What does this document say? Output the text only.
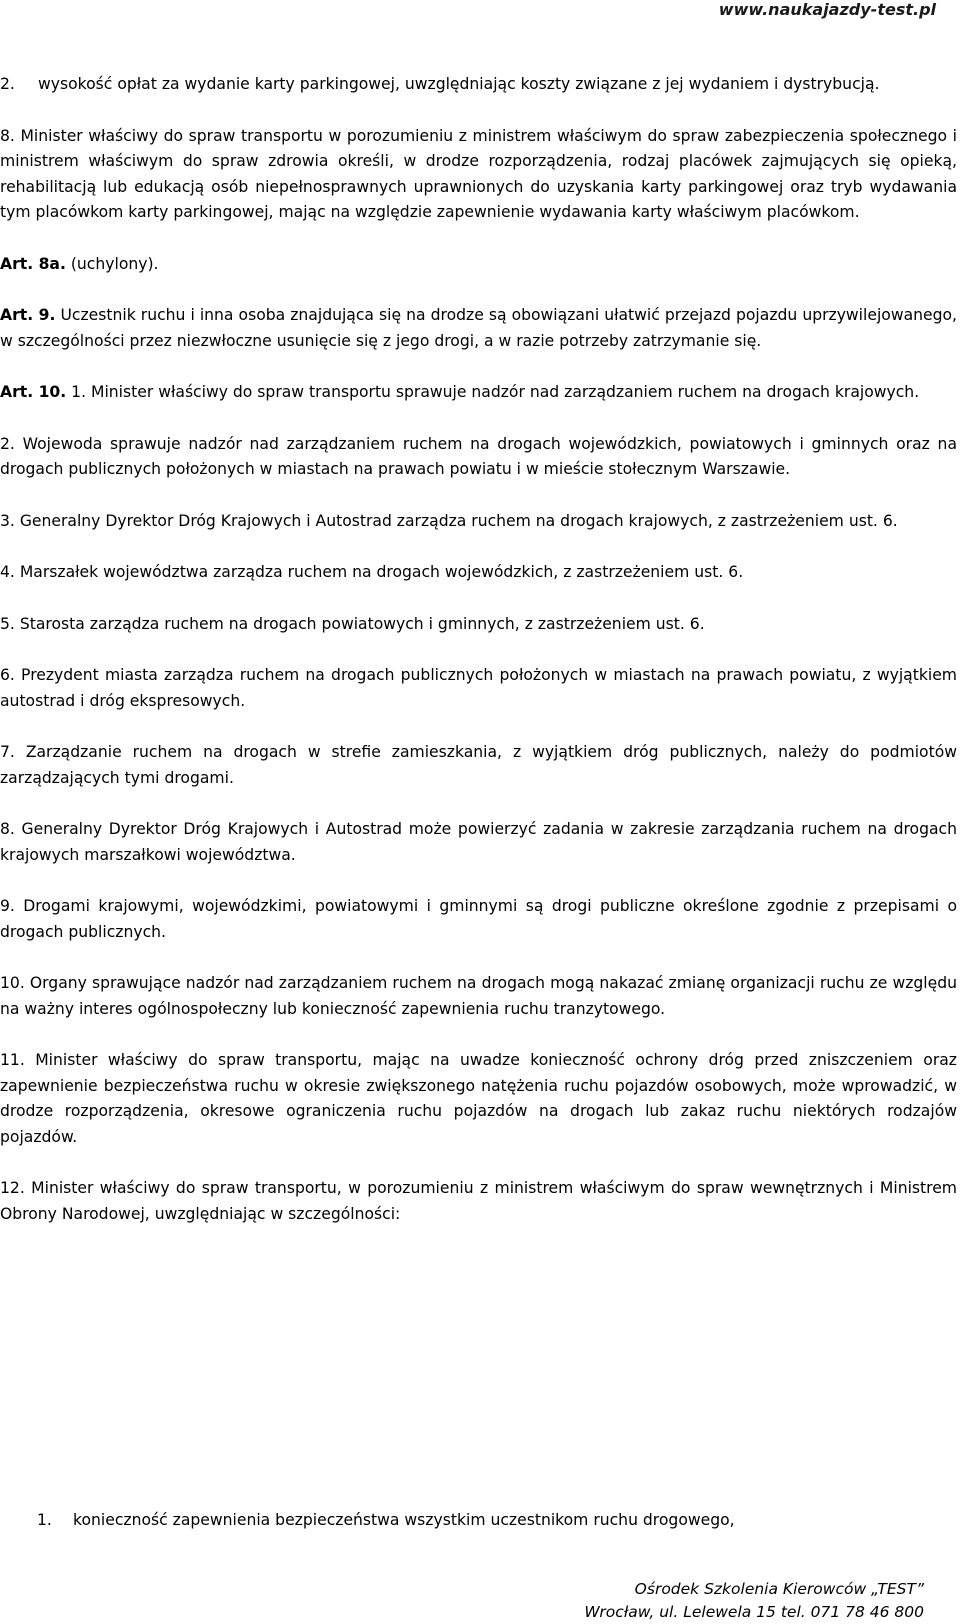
www.naukajazdy-test.pl

2. wysokość opłat za wydanie karty parkingowej, uwzględniając koszty związane z jej wydaniem i dystrybucją.

8. Minister właściwy do spraw transportu w porozumieniu z ministrem właściwym do spraw zabezpieczenia społecznego i ministrem właściwym do spraw zdrowia określi, w drodze rozporządzenia, rodzaj placówek zajmujących się opieką, rehabilitacją lub edukacją osób niepełnosprawnych uprawnionych do uzyskania karty parkingowej oraz tryb wydawania tym placówkom karty parkingowej, mając na względzie zapewnienie wydawania karty właściwym placówkom.

Art. 8a. (uchylony).

Art. 9. Uczestnik ruchu i inna osoba znajdująca się na drodze są obowiązani ułatwić przejazd pojazdu uprzywilejowanego, w szczególności przez niezwłoczne usunięcie się z jego drogi, a w razie potrzeby zatrzymanie się.

Art. 10. 1. Minister właściwy do spraw transportu sprawuje nadzór nad zarządzaniem ruchem na drogach krajowych.

2. Wojewoda sprawuje nadzór nad zarządzaniem ruchem na drogach wojewódzkich, powiatowych i gminnych oraz na drogach publicznych położonych w miastach na prawach powiatu i w mieście stołecznym Warszawie.

3. Generalny Dyrektor Dróg Krajowych i Autostrad zarządza ruchem na drogach krajowych, z zastrzeżeniem ust. 6.

4. Marszałek województwa zarządza ruchem na drogach wojewódzkich, z zastrzeżeniem ust. 6.

5. Starosta zarządza ruchem na drogach powiatowych i gminnych, z zastrzeżeniem ust. 6.

6. Prezydent miasta zarządza ruchem na drogach publicznych położonych w miastach na prawach powiatu, z wyjątkiem autostrad i dróg ekspresowych.

7. Zarządzanie ruchem na drogach w strefie zamieszkania, z wyjątkiem dróg publicznych, należy do podmiotów zarządzających tymi drogami.

8. Generalny Dyrektor Dróg Krajowych i Autostrad może powierzyć zadania w zakresie zarządzania ruchem na drogach krajowych marszałkowi województwa.

9. Drogami krajowymi, wojewódzkimi, powiatowymi i gminnymi są drogi publiczne określone zgodnie z przepisami o drogach publicznych.

10. Organy sprawujące nadzór nad zarządzaniem ruchem na drogach mogą nakazać zmianę organizacji ruchu ze względu na ważny interes ogólnospołeczny lub konieczność zapewnienia ruchu tranzytowego.

11. Minister właściwy do spraw transportu, mając na uwadze konieczność ochrony dróg przed zniszczeniem oraz zapewnienie bezpieczeństwa ruchu w okresie zwiększonego natężenia ruchu pojazdów osobowych, może wprowadzić, w drodze rozporządzenia, okresowe ograniczenia ruchu pojazdów na drogach lub zakaz ruchu niektórych rodzajów pojazdów.

12. Minister właściwy do spraw transportu, w porozumieniu z ministrem właściwym do spraw wewnętrznych i Ministrem Obrony Narodowej, uwzględniając w szczególności:

1. konieczność zapewnienia bezpieczeństwa wszystkim uczestnikom ruchu drogowego,
Ośrodek Szkolenia Kierowców „TEST”
Wrocław, ul. Lelewela 15 tel. 071 78 46 800
